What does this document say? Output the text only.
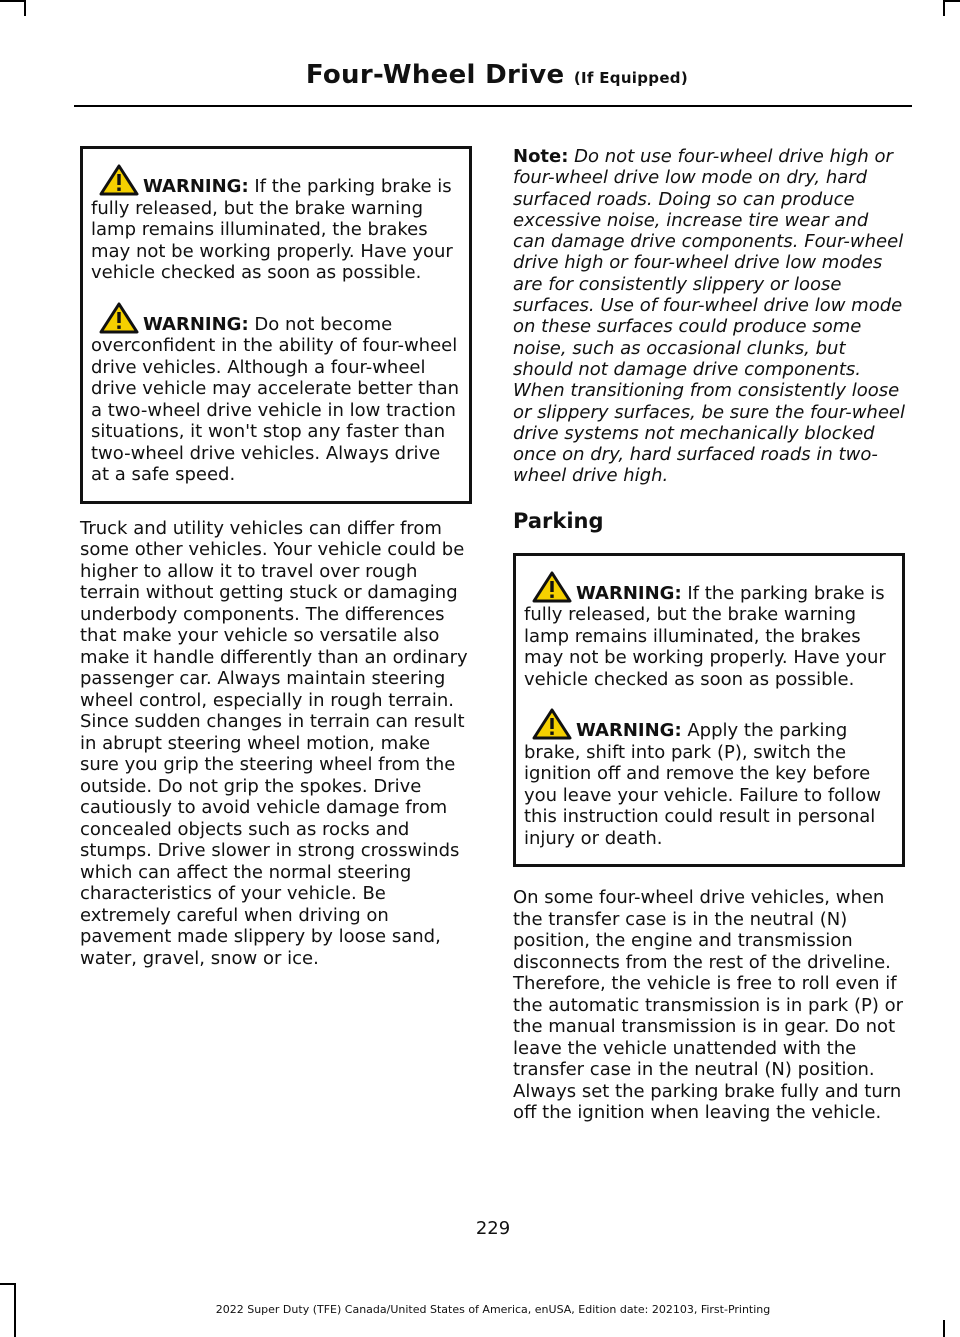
Four-Wheel Drive (If Equipped)
WARNING: If the parking brake is fully released, but the brake warning lamp remains illuminated, the brakes may not be working properly. Have your vehicle checked as soon as possible.
WARNING: Do not become overconfident in the ability of four-wheel drive vehicles. Although a four-wheel drive vehicle may accelerate better than a two-wheel drive vehicle in low traction situations, it won't stop any faster than two-wheel drive vehicles. Always drive at a safe speed.

Truck and utility vehicles can differ from some other vehicles. Your vehicle could be higher to allow it to travel over rough terrain without getting stuck or damaging underbody components. The differences that make your vehicle so versatile also make it handle differently than an ordinary passenger car. Always maintain steering wheel control, especially in rough terrain. Since sudden changes in terrain can result in abrupt steering wheel motion, make sure you grip the steering wheel from the outside. Do not grip the spokes. Drive cautiously to avoid vehicle damage from concealed objects such as rocks and stumps. Drive slower in strong crosswinds which can affect the normal steering characteristics of your vehicle. Be extremely careful when driving on pavement made slippery by loose sand, water, gravel, snow or ice.

Note: Do not use four-wheel drive high or four-wheel drive low mode on dry, hard surfaced roads. Doing so can produce excessive noise, increase tire wear and can damage drive components. Four-wheel drive high or four-wheel drive low modes are for consistently slippery or loose surfaces. Use of four-wheel drive low mode on these surfaces could produce some noise, such as occasional clunks, but should not damage drive components. When transitioning from consistently loose or slippery surfaces, be sure the four-wheel drive systems not mechanically blocked once on dry, hard surfaced roads in two-wheel drive high.

Parking
WARNING: If the parking brake is fully released, but the brake warning lamp remains illuminated, the brakes may not be working properly. Have your vehicle checked as soon as possible.
WARNING: Apply the parking brake, shift into park (P), switch the ignition off and remove the key before you leave your vehicle. Failure to follow this instruction could result in personal injury or death.

On some four-wheel drive vehicles, when the transfer case is in the neutral (N) position, the engine and transmission disconnects from the rest of the driveline. Therefore, the vehicle is free to roll even if the automatic transmission is in park (P) or the manual transmission is in gear. Do not leave the vehicle unattended with the transfer case in the neutral (N) position. Always set the parking brake fully and turn off the ignition when leaving the vehicle.

229
2022 Super Duty (TFE) Canada/United States of America, enUSA, Edition date: 202103, First-Printing
